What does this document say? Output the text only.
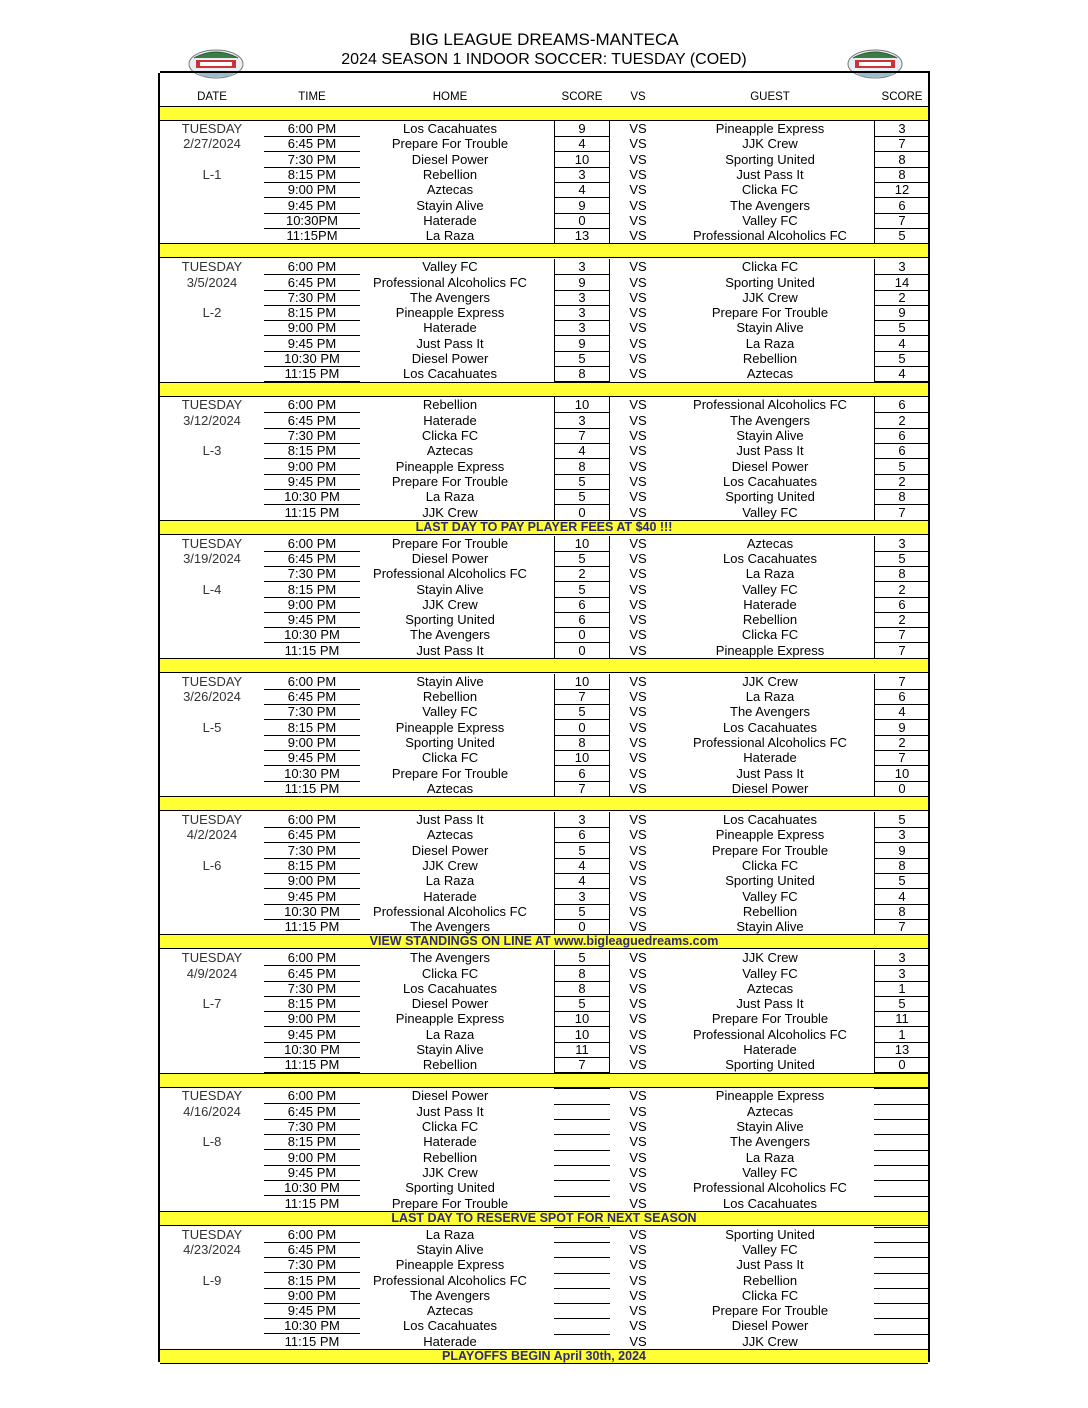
BIG LEAGUE DREAMS-MANTECA
2024 SEASON 1 INDOOR SOCCER: TUESDAY (COED)
DATE	TIME	HOME	SCORE	VS	GUEST	SCORE
TUESDAY	6:00 PM	Los Cacahuates	9	VS	Pineapple Express	3
2/27/2024	6:45 PM	Prepare For Trouble	4	VS	JJK Crew	7
7:30 PM	Diesel Power	10	VS	Sporting United	8
L-1	8:15 PM	Rebellion	3	VS	Just Pass It	8
9:00 PM	Aztecas	4	VS	Clicka FC	12
9:45 PM	Stayin Alive	9	VS	The Avengers	6
10:30PM	Haterade	0	VS	Valley FC	7
11:15PM	La Raza	13	VS	Professional Alcoholics FC	5
TUESDAY	6:00 PM	Valley FC	3	VS	Clicka FC	3
3/5/2024	6:45 PM	Professional Alcoholics FC	9	VS	Sporting United	14
7:30 PM	The Avengers	3	VS	JJK Crew	2
L-2	8:15 PM	Pineapple Express	3	VS	Prepare For Trouble	9
9:00 PM	Haterade	3	VS	Stayin Alive	5
9:45 PM	Just Pass It	9	VS	La Raza	4
10:30 PM	Diesel Power	5	VS	Rebellion	5
11:15 PM	Los Cacahuates	8	VS	Aztecas	4
TUESDAY	6:00 PM	Rebellion	10	VS	Professional Alcoholics FC	6
3/12/2024	6:45 PM	Haterade	3	VS	The Avengers	2
7:30 PM	Clicka FC	7	VS	Stayin Alive	6
L-3	8:15 PM	Aztecas	4	VS	Just Pass It	6
9:00 PM	Pineapple Express	8	VS	Diesel Power	5
9:45 PM	Prepare For Trouble	5	VS	Los Cacahuates	2
10:30 PM	La Raza	5	VS	Sporting United	8
11:15 PM	JJK Crew	0	VS	Valley FC	7
LAST DAY TO PAY PLAYER FEES AT $40 !!!
TUESDAY	6:00 PM	Prepare For Trouble	10	VS	Aztecas	3
3/19/2024	6:45 PM	Diesel Power	5	VS	Los Cacahuates	5
7:30 PM	Professional Alcoholics FC	2	VS	La Raza	8
L-4	8:15 PM	Stayin Alive	5	VS	Valley FC	2
9:00 PM	JJK Crew	6	VS	Haterade	6
9:45 PM	Sporting United	6	VS	Rebellion	2
10:30 PM	The Avengers	0	VS	Clicka FC	7
11:15 PM	Just Pass It	0	VS	Pineapple Express	7
TUESDAY	6:00 PM	Stayin Alive	10	VS	JJK Crew	7
3/26/2024	6:45 PM	Rebellion	7	VS	La Raza	6
7:30 PM	Valley FC	5	VS	The Avengers	4
L-5	8:15 PM	Pineapple Express	0	VS	Los Cacahuates	9
9:00 PM	Sporting United	8	VS	Professional Alcoholics FC	2
9:45 PM	Clicka FC	10	VS	Haterade	7
10:30 PM	Prepare For Trouble	6	VS	Just Pass It	10
11:15 PM	Aztecas	7	VS	Diesel Power	0
TUESDAY	6:00 PM	Just Pass It	3	VS	Los Cacahuates	5
4/2/2024	6:45 PM	Aztecas	6	VS	Pineapple Express	3
7:30 PM	Diesel Power	5	VS	Prepare For Trouble	9
L-6	8:15 PM	JJK Crew	4	VS	Clicka FC	8
9:00 PM	La Raza	4	VS	Sporting United	5
9:45 PM	Haterade	3	VS	Valley FC	4
10:30 PM	Professional Alcoholics FC	5	VS	Rebellion	8
11:15 PM	The Avengers	0	VS	Stayin Alive	7
VIEW STANDINGS ON LINE AT www.bigleaguedreams.com
TUESDAY	6:00 PM	The Avengers	5	VS	JJK Crew	3
4/9/2024	6:45 PM	Clicka FC	8	VS	Valley FC	3
7:30 PM	Los Cacahuates	8	VS	Aztecas	1
L-7	8:15 PM	Diesel Power	5	VS	Just Pass It	5
9:00 PM	Pineapple Express	10	VS	Prepare For Trouble	11
9:45 PM	La Raza	10	VS	Professional Alcoholics FC	1
10:30 PM	Stayin Alive	11	VS	Haterade	13
11:15 PM	Rebellion	7	VS	Sporting United	0
TUESDAY	6:00 PM	Diesel Power	VS	Pineapple Express
4/16/2024	6:45 PM	Just Pass It	VS	Aztecas
7:30 PM	Clicka FC	VS	Stayin Alive
L-8	8:15 PM	Haterade	VS	The Avengers
9:00 PM	Rebellion	VS	La Raza
9:45 PM	JJK Crew	VS	Valley FC
10:30 PM	Sporting United	VS	Professional Alcoholics FC
11:15 PM	Prepare For Trouble	VS	Los Cacahuates
LAST DAY TO RESERVE SPOT FOR NEXT SEASON
TUESDAY	6:00 PM	La Raza	VS	Sporting United
4/23/2024	6:45 PM	Stayin Alive	VS	Valley FC
7:30 PM	Pineapple Express	VS	Just Pass It
L-9	8:15 PM	Professional Alcoholics FC	VS	Rebellion
9:00 PM	The Avengers	VS	Clicka FC
9:45 PM	Aztecas	VS	Prepare For Trouble
10:30 PM	Los Cacahuates	VS	Diesel Power
11:15 PM	Haterade	VS	JJK Crew
PLAYOFFS BEGIN April 30th, 2024
